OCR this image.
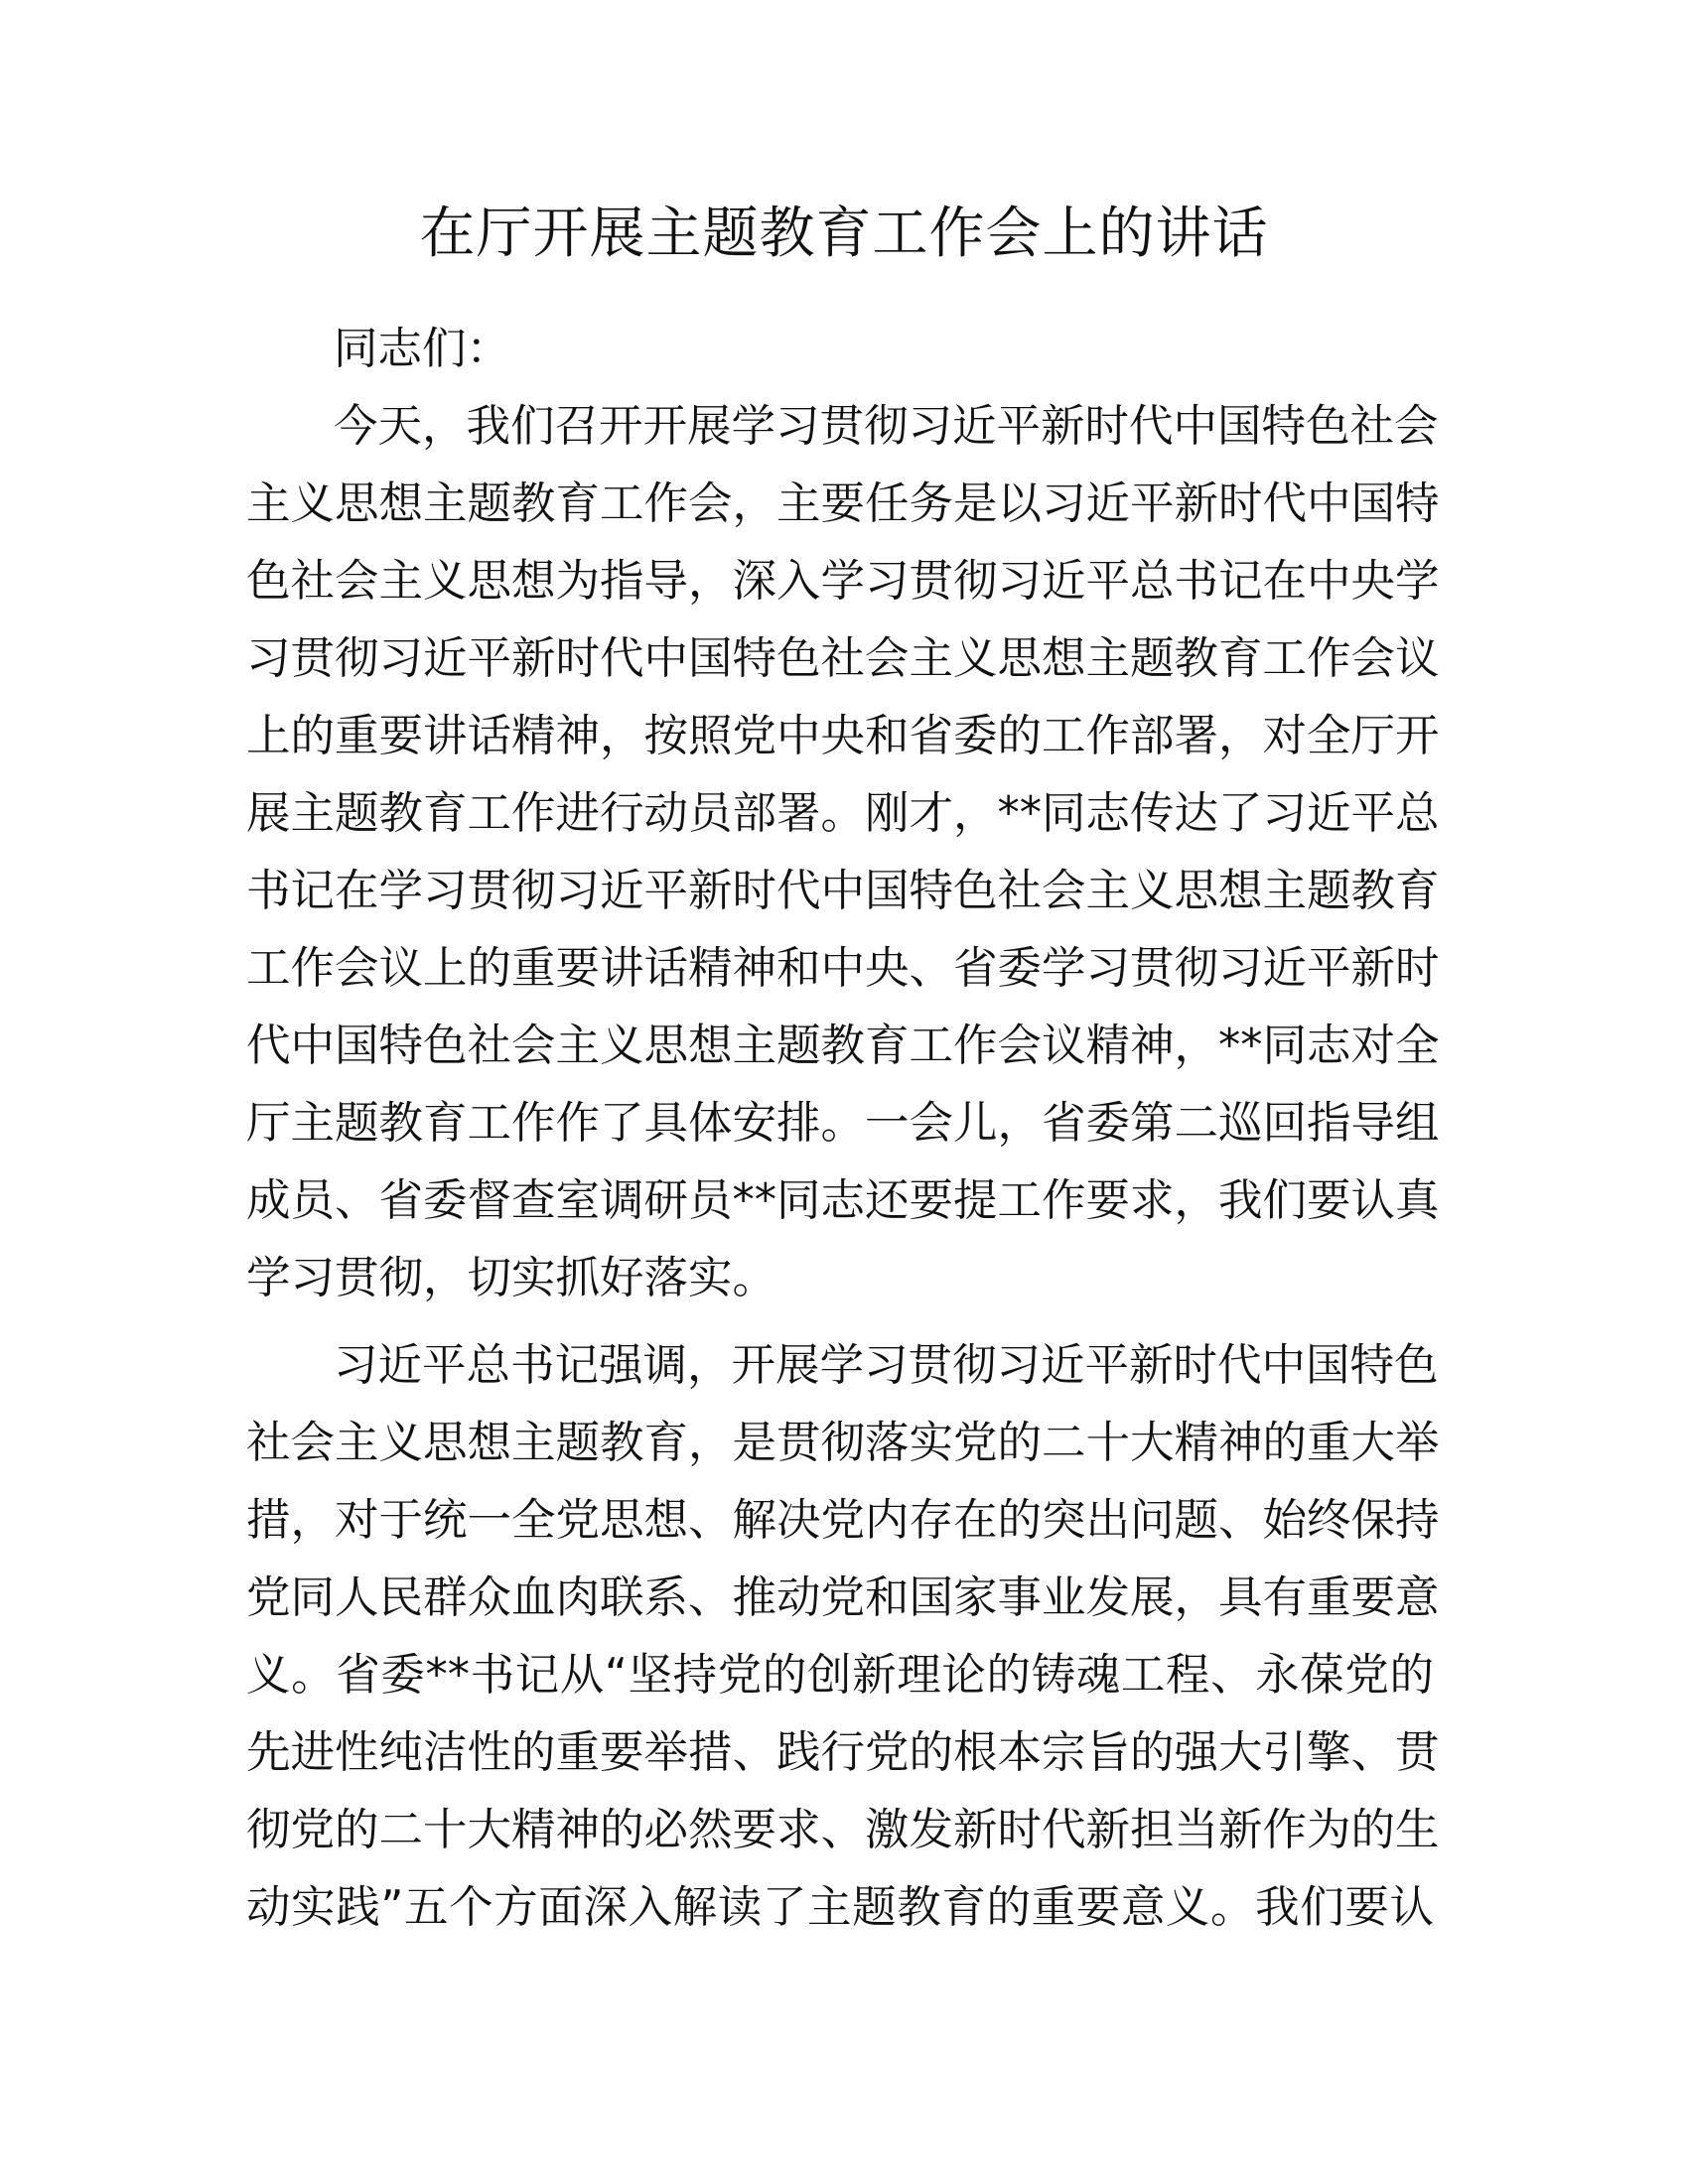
在厅开展主题教育工作会上的讲话
同志们：
今天，我们召开开展学习贯彻习近平新时代中国特色社会
主义思想主题教育工作会，主要任务是以习近平新时代中国特
色社会主义思想为指导，深入学习贯彻习近平总书记在中央学
习贯彻习近平新时代中国特色社会主义思想主题教育工作会议
上的重要讲话精神，按照党中央和省委的工作部署，对全厅开
展主题教育工作进行动员部署。刚才，**同志传达了习近平总
书记在学习贯彻习近平新时代中国特色社会主义思想主题教育
工作会议上的重要讲话精神和中央、省委学习贯彻习近平新时
代中国特色社会主义思想主题教育工作会议精神，**同志对全
厅主题教育工作作了具体安排。一会儿，省委第二巡回指导组
成员、省委督查室调研员**同志还要提工作要求，我们要认真
学习贯彻，切实抓好落实。
习近平总书记强调，开展学习贯彻习近平新时代中国特色
社会主义思想主题教育，是贯彻落实党的二十大精神的重大举
措，对于统一全党思想、解决党内存在的突出问题、始终保持
党同人民群众血肉联系、推动党和国家事业发展，具有重要意
义。省委**书记从“坚持党的创新理论的铸魂工程、永葆党的
先进性纯洁性的重要举措、践行党的根本宗旨的强大引擎、贯
彻党的二十大精神的必然要求、激发新时代新担当新作为的生
动实践”五个方面深入解读了主题教育的重要意义。我们要认
